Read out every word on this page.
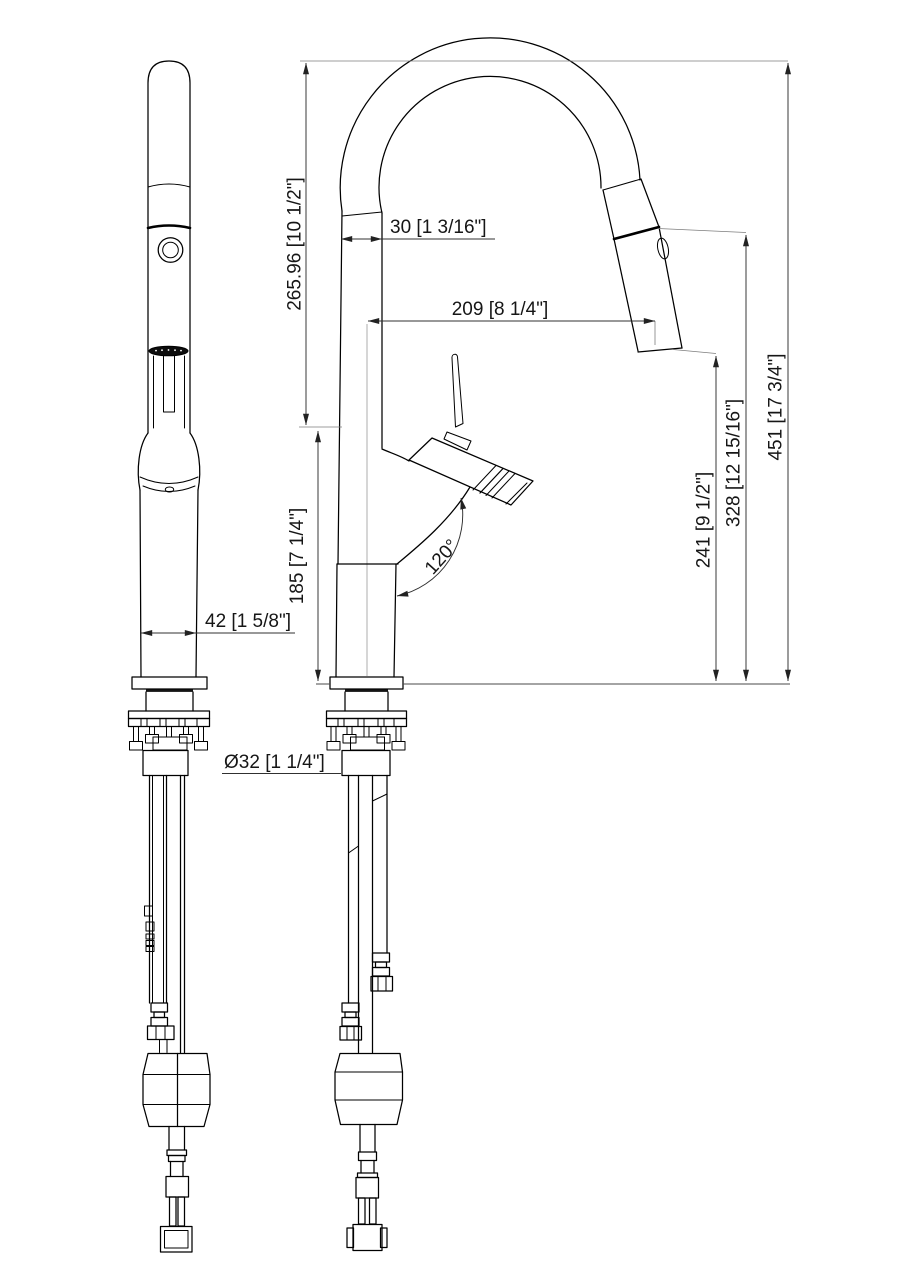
265.96 [10 1/2"]
185 [7 1/4"]
30 [1 3/16"]
209 [8 1/4"]
241 [9 1/2"] 328 [12 15/16"] 451 [17 3/4"]
42 [1 5/8"]
Ø32 [1 1/4"]
120°
